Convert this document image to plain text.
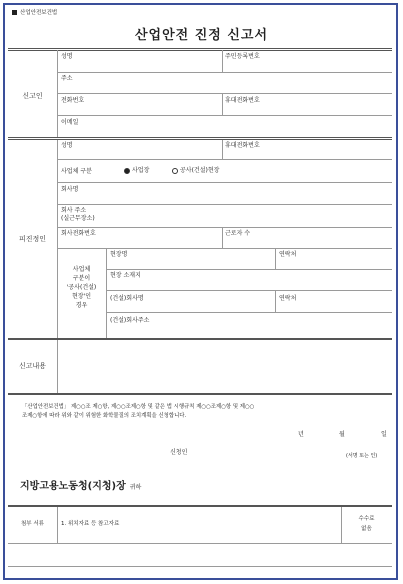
산업안전보건법
산업안전 진정 신고서
신고인
성명	주민등록번호
주소
전화번호	휴대전화번호
이메일
피진정인
성명	휴대전화번호
사업체 구분	사업장	공사(건설)현장
회사명
회사 주소
(실근무장소)
회사전화번호	근로자 수
사업체
구분이
'공사(건설)
현장'인
경우
현장명	연락처
현장 소재지
(건설)회사명	연락처
(건설)회사주소
신고내용
「산업안전보건법」 제○○조 제○항, 제○○조제○항 및 같은 법 시행규칙 제○○조제○항 및 제○○
조제○항에 따라 위와 같이 위험한 화학물질의 조치계획을 신청합니다.
년	월	일
신청인	(서명 또는 인)
지방고용노동청(지청)장 귀하
첨부 서류	1. 위치자료 등 참고자료
수수료
없음
